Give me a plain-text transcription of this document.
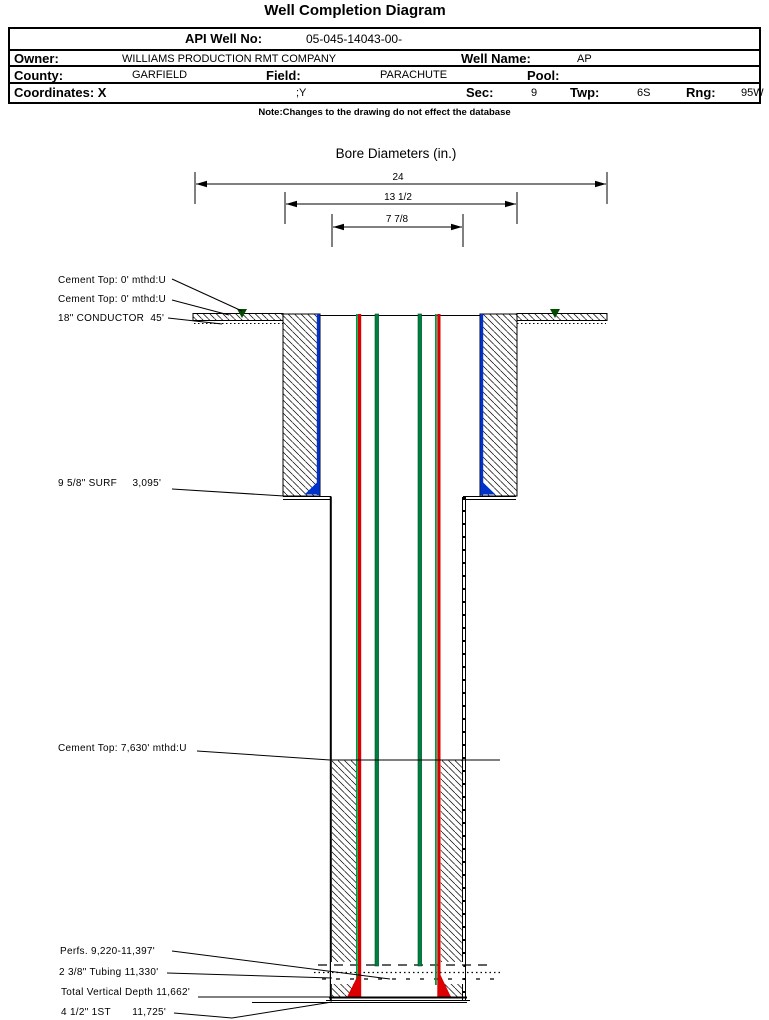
Well Completion Diagram
API Well No:	05-045-14043-00-
Owner:	WILLIAMS PRODUCTION RMT COMPANY	Well Name:	AP
County:	GARFIELD	Field:	PARACHUTE	Pool:
Coordinates: X	;Y	Sec:	9	Twp:	6S	Rng: 95W
Note:Changes to the drawing do not effect the database
Bore Diameters (in.)
24
13 1/2
7 7/8
Cement Top: 0' mthd:U
Cement Top: 0' mthd:U
18" CONDUCTOR  45'
9 5/8" SURF     3,095'
Cement Top: 7,630' mthd:U
Perfs. 9,220-11,397'
2 3/8" Tubing 11,330'
Total Vertical Depth 11,662'
4 1/2" 1ST       11,725'
